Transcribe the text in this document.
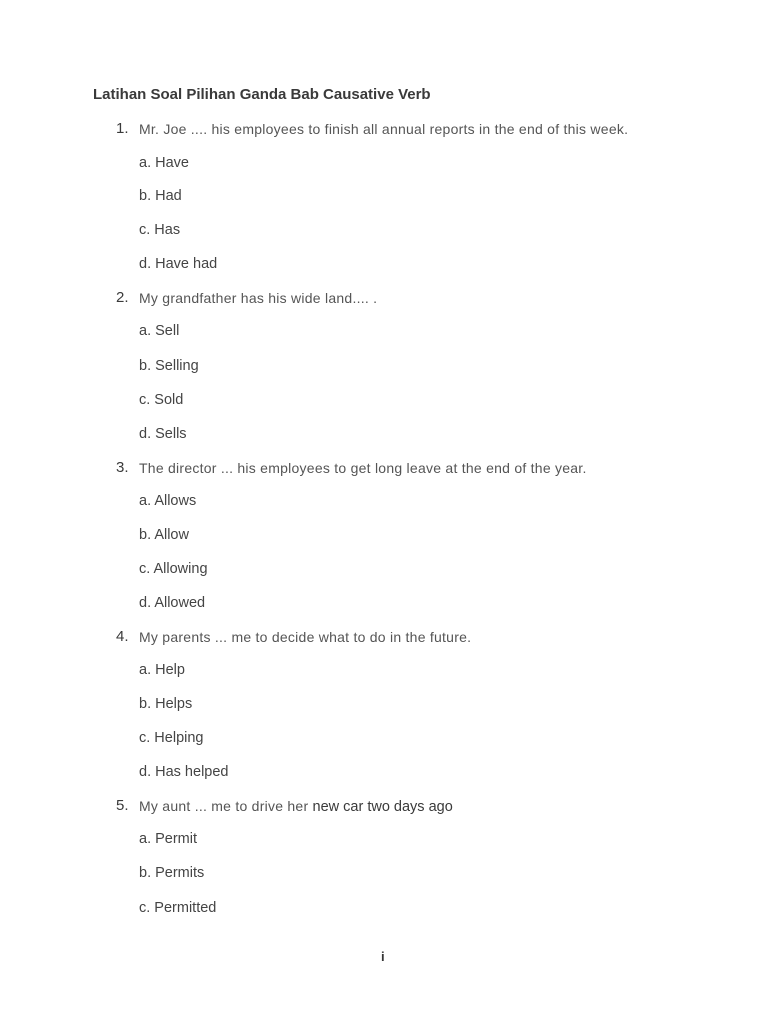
Latihan Soal Pilihan Ganda Bab Causative Verb
1. Mr. Joe .... his employees to finish all annual reports in the end of this week.
a. Have
b. Had
c. Has
d. Have had
2. My grandfather has his wide land.... .
a. Sell
b. Selling
c. Sold
d. Sells
3. The director ... his employees to get long leave at the end of the year.
a. Allows
b. Allow
c. Allowing
d. Allowed
4. My parents ... me to decide what to do in the future.
a. Help
b. Helps
c. Helping
d. Has helped
5. My aunt ... me to drive her new car two days ago
a. Permit
b. Permits
c. Permitted
i
